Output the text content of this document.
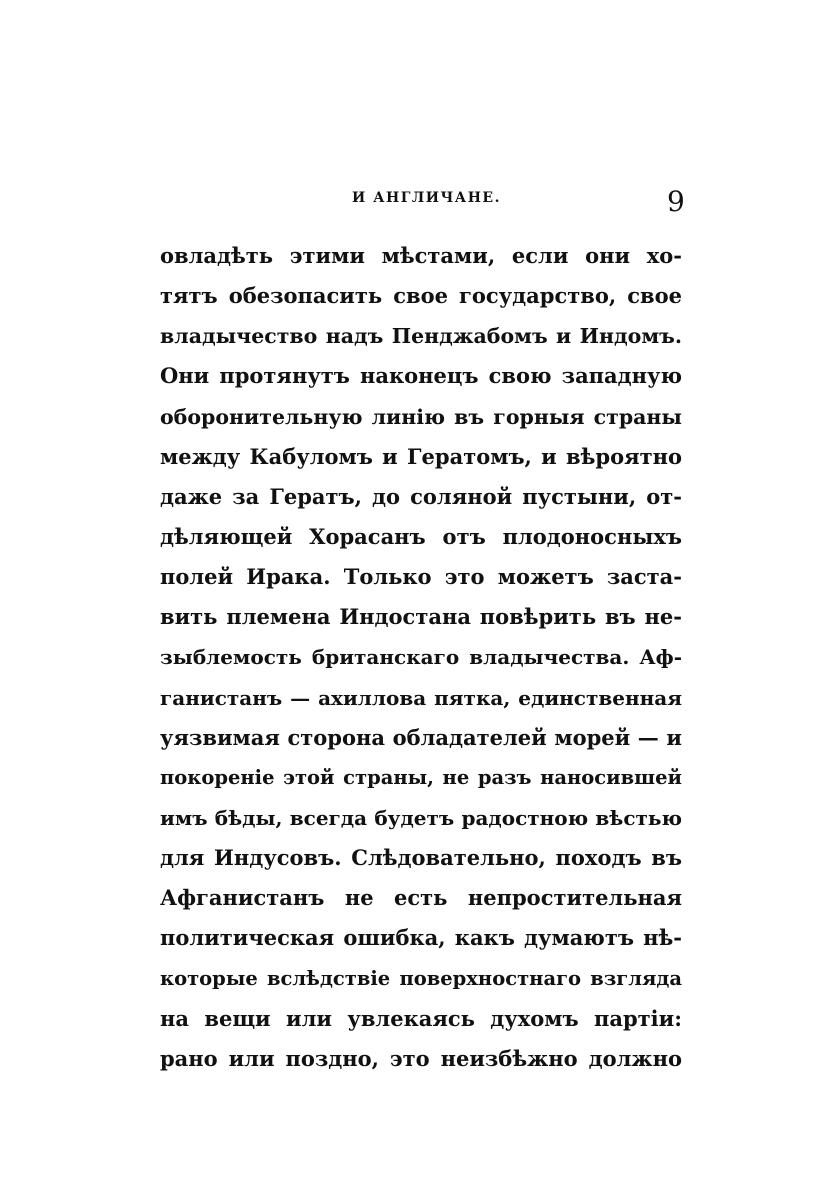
И АНГЛИЧАНЕ.	9
овладѣть этими мѣстами, если они хо-
тятъ обезопасить свое государство, свое
владычество надъ Пенджабомъ и Индомъ.
Они протянутъ наконецъ свою западную
оборонительную линію въ горныя страны
между Кабуломъ и Гератомъ, и вѣроятно
даже за Гератъ, до соляной пустыни, от-
дѣляющей Хорасанъ отъ плодоносныхъ
полей Ирака. Только это можетъ заста-
вить племена Индостана повѣрить въ не-
зыблемость британскаго владычества. Аф-
ганистанъ — ахиллова пятка, единственная
уязвимая сторона обладателей морей — и
покореніе этой страны, не разъ наносившей
имъ бѣды, всегда будетъ радостною вѣстью
для Индусовъ. Слѣдовательно, походъ въ
Афганистанъ не есть непростительная
политическая ошибка, какъ думаютъ нѣ-
которые вслѣдствіе поверхностнаго взгляда
на вещи или увлекаясь духомъ партіи:
рано или поздно, это неизбѣжно должно
